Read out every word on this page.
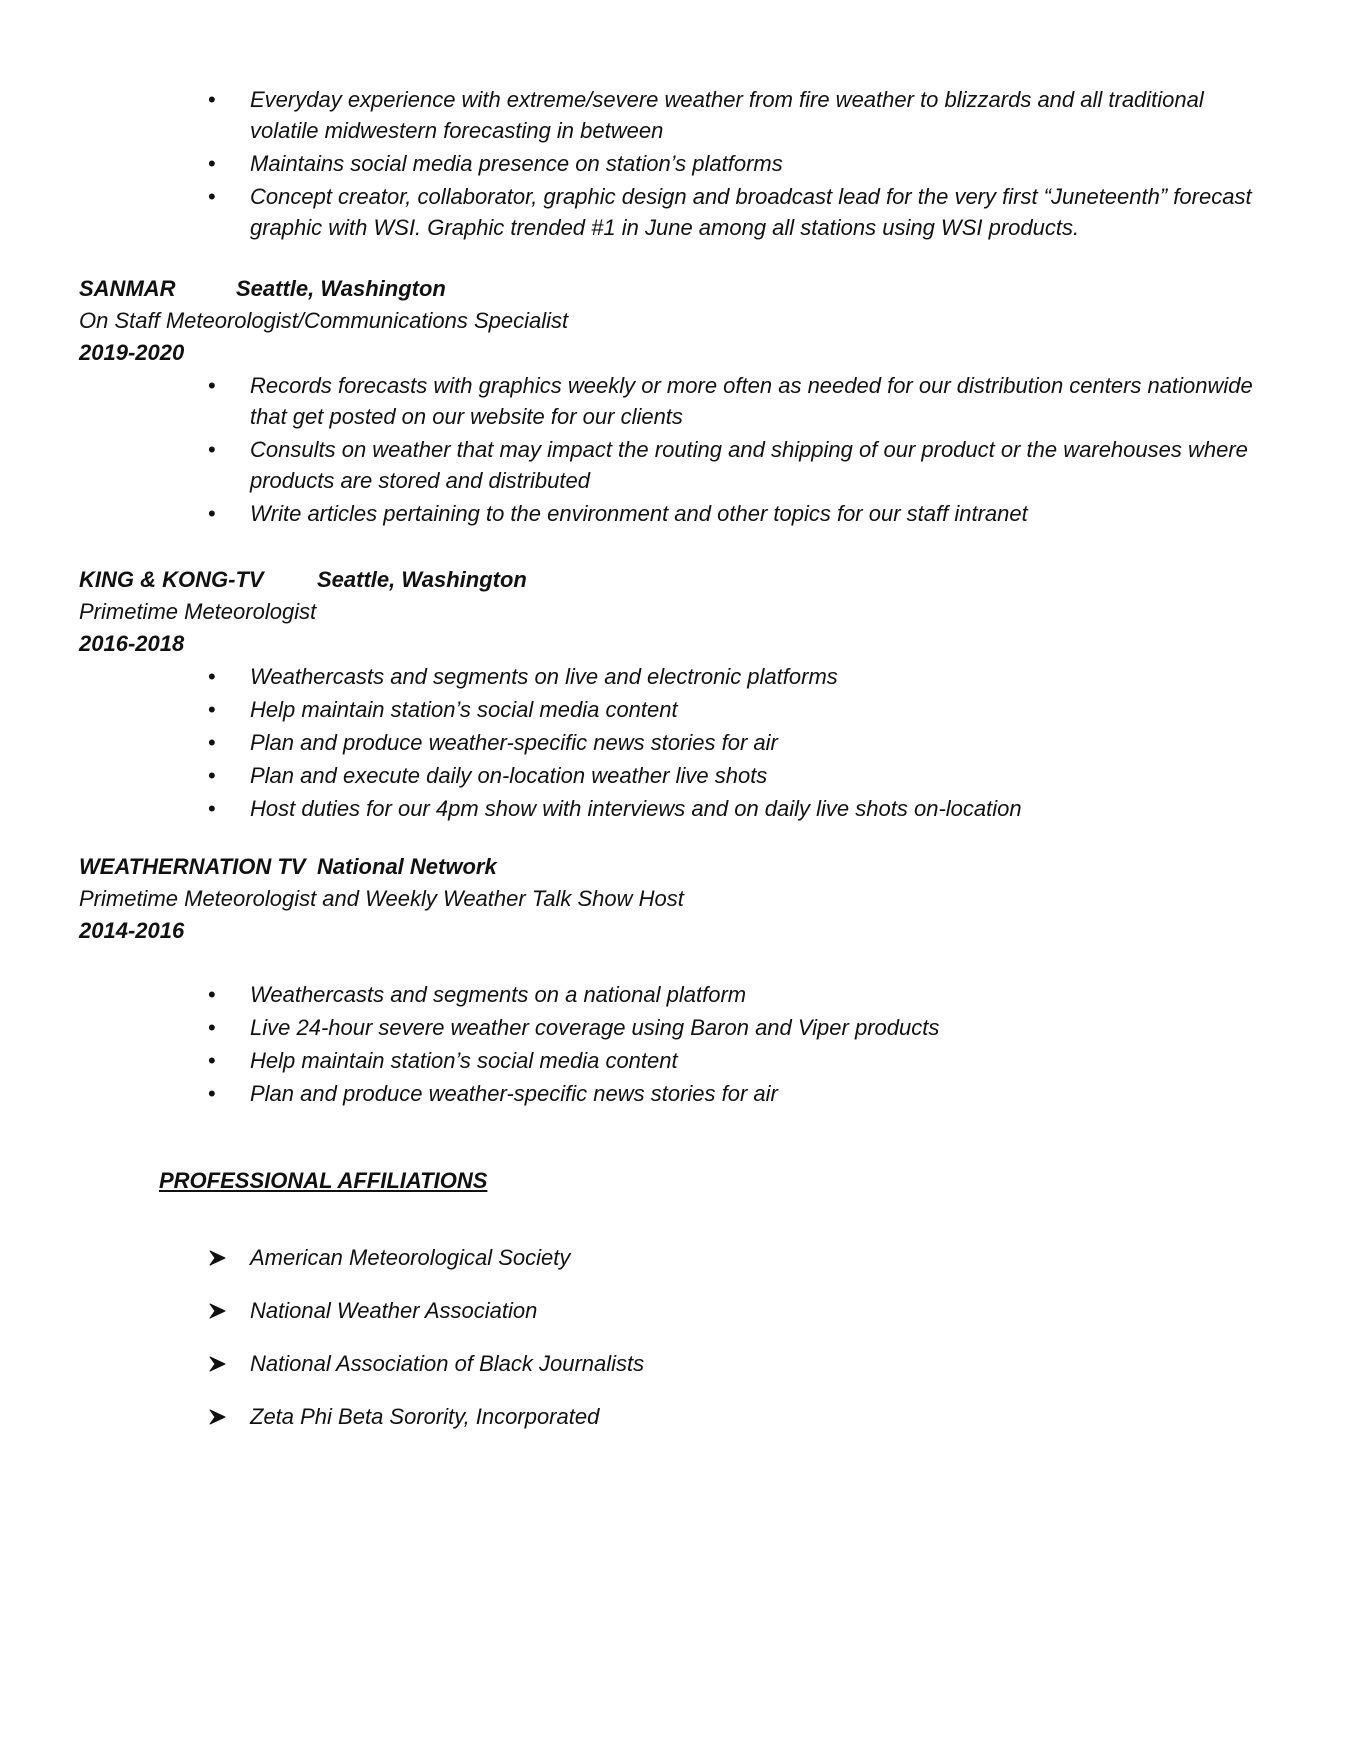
•	Everyday experience with extreme/severe weather from fire weather to blizzards and all traditional volatile midwestern forecasting in between
•	Maintains social media presence on station’s platforms
•	Concept creator, collaborator, graphic design and broadcast lead for the very first “Juneteenth” forecast graphic with WSI. Graphic trended #1 in June among all stations using WSI products.
SANMAR	Seattle, Washington
On Staff Meteorologist/Communications Specialist
2019-2020
•	Records forecasts with graphics weekly or more often as needed for our distribution centers nationwide that get posted on our website for our clients
•	Consults on weather that may impact the routing and shipping of our product or the warehouses where products are stored and distributed
•	Write articles pertaining to the environment and other topics for our staff intranet
KING & KONG-TV Seattle, Washington
Primetime Meteorologist
2016-2018
•	Weathercasts and segments on live and electronic platforms
•	Help maintain station’s social media content
•	Plan and produce weather-specific news stories for air
•	Plan and execute daily on-location weather live shots
•	Host duties for our 4pm show with interviews and on daily live shots on-location
WEATHERNATION TV National Network
Primetime Meteorologist and Weekly Weather Talk Show Host
2014-2016
•	Weathercasts and segments on a national platform
•	Live 24-hour severe weather coverage using Baron and Viper products
•	Help maintain station’s social media content
•	Plan and produce weather-specific news stories for air
PROFESSIONAL AFFILIATIONS
American Meteorological Society
National Weather Association
National Association of Black Journalists
Zeta Phi Beta Sorority, Incorporated
